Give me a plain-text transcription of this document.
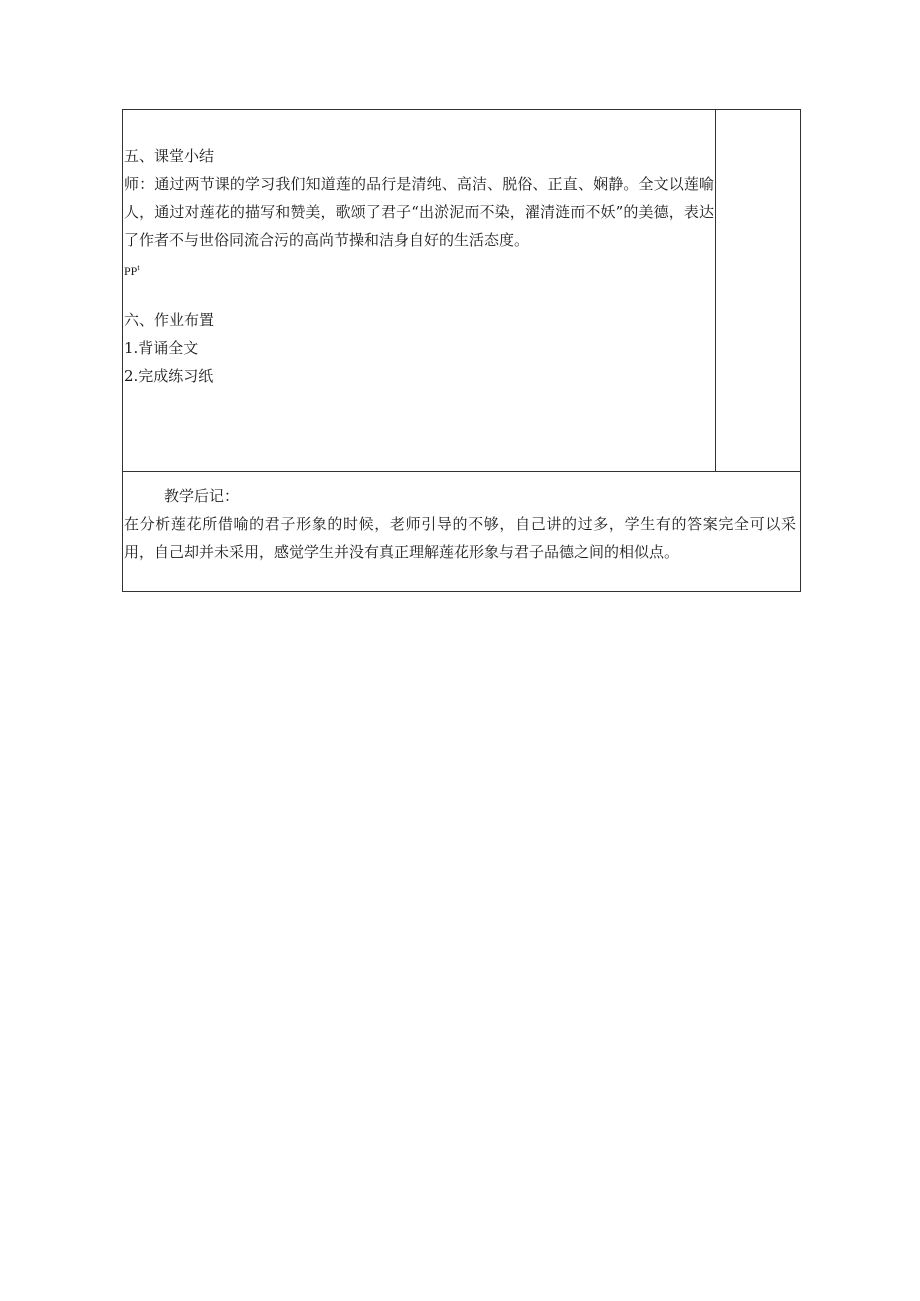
五、课堂小结
师：通过两节课的学习我们知道莲的品行是清纯、高洁、脱俗、正直、娴静。全文以莲喻人，通过对莲花的描写和赞美，歌颂了君子“出淤泥而不染，濯清涟而不妖”的美德，表达了作者不与世俗同流合污的高尚节操和洁身自好的生活态度。
$PP^t$
六、作业布置
1.背诵全文
2.完成练习纸

教学后记：
在分析莲花所借喻的君子形象的时候，老师引导的不够，自己讲的过多，学生有的答案完全可以采用，自己却并未采用，感觉学生并没有真正理解莲花形象与君子品德之间的相似点。
